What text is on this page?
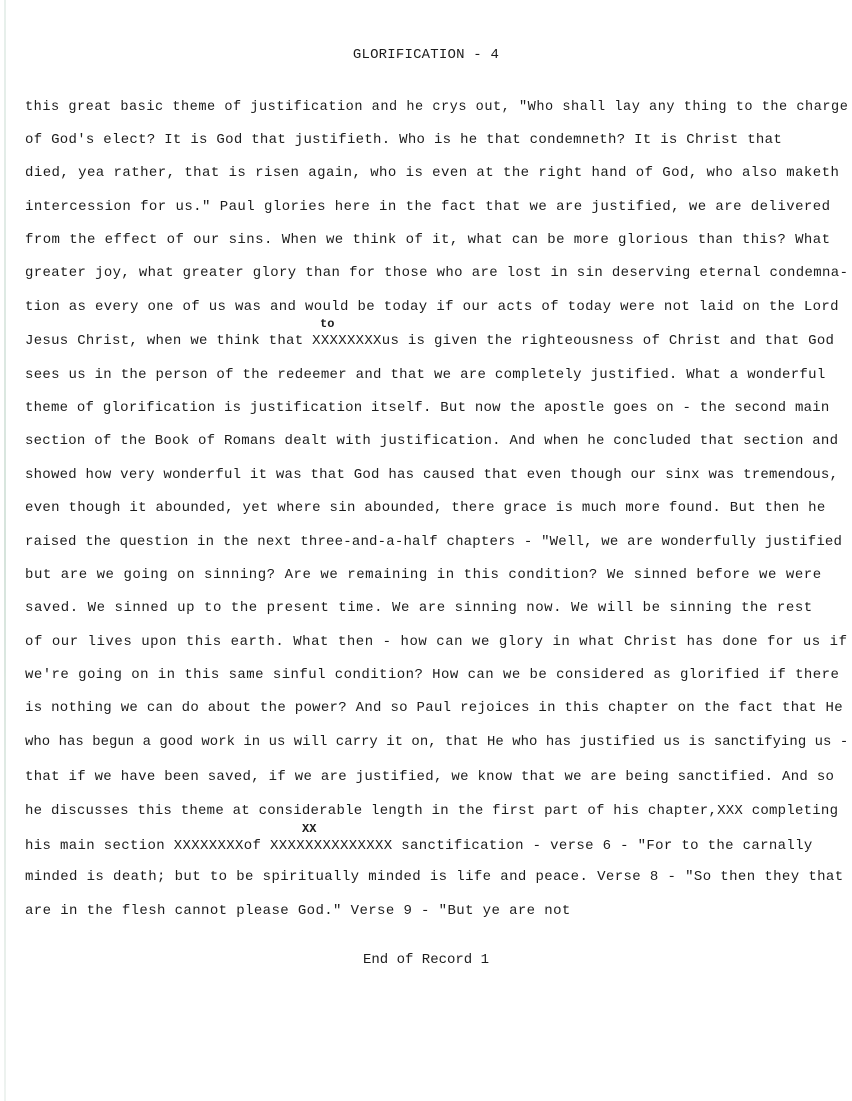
GLORIFICATION - 4
this great basic theme of justification and he crys out, "Who shall lay any thing to the charge
of God's elect? It is God that justifieth. Who is he that condemneth? It is Christ that
died, yea rather, that is risen again, who is even at the right hand of God, who also maketh
intercession for us." Paul glories here in the fact that we are justified, we are delivered
from the effect of our sins. When we think of it, what can be more glorious than this? What
greater joy, what greater glory than for those who are lost in sin deserving eternal condemna-
tion as every one of us was and would be today if our acts of today were not laid on the Lord
Jesus Christ, when we think that XXXXXXXXus is given the righteousness of Christ and that God
sees us in the person of the redeemer and that we are completely justified. What a wonderful
theme of glorification is justification itself. But now the apostle goes on - the second main
section of the Book of Romans dealt with justification. And when he concluded that section and
showed how very wonderful it was that God has caused that even though our sinx was tremendous,
even though it abounded, yet where sin abounded, there grace is much more found. But then he
raised the question in the next three-and-a-half chapters - "Well, we are wonderfully justified
but are we going on sinning? Are we remaining in this condition? We sinned before we were
saved. We sinned up to the present time. We are sinning now. We will be sinning the rest
of our lives upon this earth. What then - how can we glory in what Christ has done for us if
we're going on in this same sinful condition? How can we be considered as glorified if there
is nothing we can do about the power? And so Paul rejoices in this chapter on the fact that He
who has begun a good work in us will carry it on, that He who has justified us is sanctifying us -
that if we have been saved, if we are justified, we know that we are being sanctified. And so
he discusses this theme at considerable length in the first part of his chapter,XXX completing
his main section XXXXXXXXof XXXXXXXXXXXXXX sanctification - verse 6 - "For to the carnally
minded is death; but to be spiritually minded is life and peace. Verse 8 - "So then they that
are in the flesh cannot please God." Verse 9 - "But ye are not
to
XX
End of Record 1
